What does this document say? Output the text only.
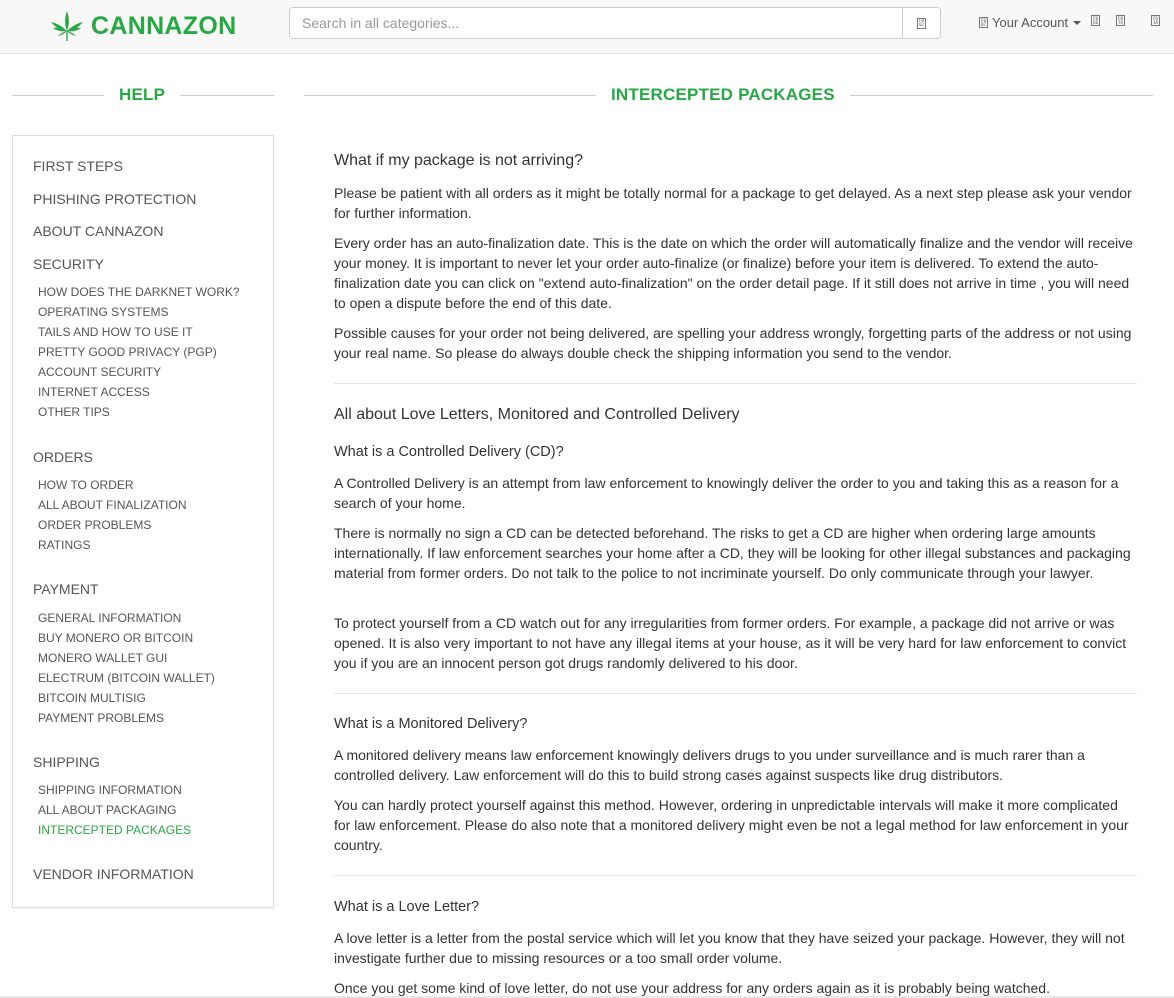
CANNAZON
Search in all categories...	F0
02
F0
07 Your Account	F0
E0
F0
7A
F0
3A
HELP	INTERCEPTED PACKAGES
FIRST STEPS
PHISHING PROTECTION
ABOUT CANNAZON
SECURITY
HOW DOES THE DARKNET WORK?
OPERATING SYSTEMS
TAILS AND HOW TO USE IT
PRETTY GOOD PRIVACY (PGP)
ACCOUNT SECURITY
INTERNET ACCESS
OTHER TIPS
ORDERS
HOW TO ORDER
ALL ABOUT FINALIZATION
ORDER PROBLEMS
RATINGS
PAYMENT
GENERAL INFORMATION
BUY MONERO OR BITCOIN
MONERO WALLET GUI
ELECTRUM (BITCOIN WALLET)
BITCOIN MULTISIG
PAYMENT PROBLEMS
SHIPPING
SHIPPING INFORMATION
ALL ABOUT PACKAGING
INTERCEPTED PACKAGES
VENDOR INFORMATION
What if my package is not arriving?

Please be patient with all orders as it might be totally normal for a package to get delayed. As a next step please ask your vendor for further information.

Every order has an auto-finalization date. This is the date on which the order will automatically finalize and the vendor will receive your money. It is important to never let your order auto-finalize (or finalize) before your item is delivered. To extend the auto-finalization date you can click on "extend auto-finalization" on the order detail page. If it still does not arrive in time , you will need to open a dispute before the end of this date.

Possible causes for your order not being delivered, are spelling your address wrongly, forgetting parts of the address or not using your real name. So please do always double check the shipping information you send to the vendor.

All about Love Letters, Monitored and Controlled Delivery
What is a Controlled Delivery (CD)?

A Controlled Delivery is an attempt from law enforcement to knowingly deliver the order to you and taking this as a reason for a search of your home.

There is normally no sign a CD can be detected beforehand. The risks to get a CD are higher when ordering large amounts internationally. If law enforcement searches your home after a CD, they will be looking for other illegal substances and packaging material from former orders. Do not talk to the police to not incriminate yourself. Do only communicate through your lawyer.

To protect yourself from a CD watch out for any irregularities from former orders. For example, a package did not arrive or was opened. It is also very important to not have any illegal items at your house, as it will be very hard for law enforcement to convict you if you are an innocent person got drugs randomly delivered to his door.

What is a Monitored Delivery?

A monitored delivery means law enforcement knowingly delivers drugs to you under surveillance and is much rarer than a controlled delivery. Law enforcement will do this to build strong cases against suspects like drug distributors.

You can hardly protect yourself against this method. However, ordering in unpredictable intervals will make it more complicated for law enforcement. Please do also note that a monitored delivery might even be not a legal method for law enforcement in your country.

What is a Love Letter?

A love letter is a letter from the postal service which will let you know that they have seized your package. However, they will not investigate further due to missing resources or a too small order volume.

Once you get some kind of love letter, do not use your address for any orders again as it is probably being watched.
